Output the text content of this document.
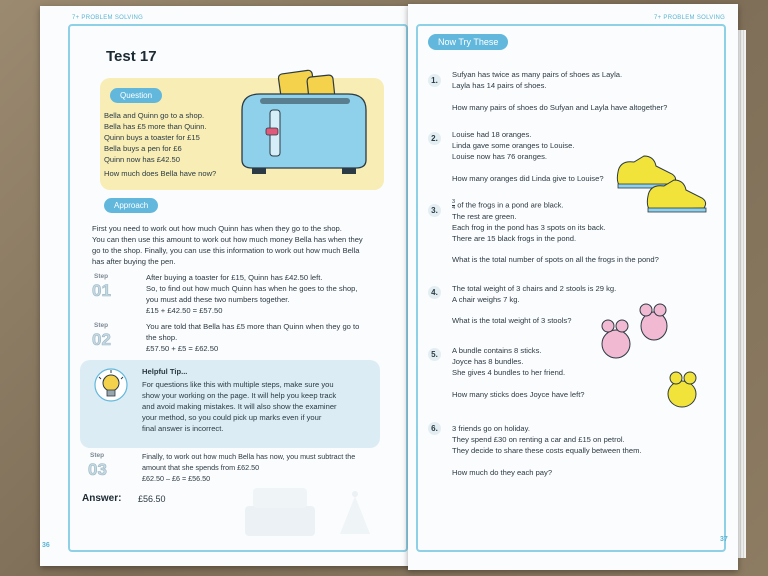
7+ PROBLEM SOLVING
Test 17
Question
Bella and Quinn go to a shop.
Bella has £5 more than Quinn.
Quinn buys a toaster for £15
Bella buys a pen for £6
Quinn now has £42.50
How much does Bella have now?
Approach
First you need to work out how much Quinn has when they go to the shop.
You can then use this amount to work out how much money Bella has when they
go to the shop. Finally, you can use this information to work out how much Bella
has after buying the pen.
Step
01
After buying a toaster for £15, Quinn has £42.50 left.
So, to find out how much Quinn has when he goes to the shop,
you must add these two numbers together.
£15 + £42.50 = £57.50
Step
02
You are told that Bella has £5 more than Quinn when they go to
the shop.
£57.50 + £5 = £62.50
Helpful Tip...
For questions like this with multiple steps, make sure you
show your working on the page. It will help you keep track
and avoid making mistakes. It will also show the examiner
your method, so you could pick up marks even if your
final answer is incorrect.
Step
03
Finally, to work out how much Bella has now, you must subtract the
amount that she spends from £62.50
£62.50 – £6 = £56.50
Answer: £56.50
36
7+ PROBLEM SOLVING
Now Try These
1.
Sufyan has twice as many pairs of shoes as Layla.
Layla has 14 pairs of shoes.
How many pairs of shoes do Sufyan and Layla have altogether?
2.	Louise had 18 oranges.
Linda gave some oranges to Louise.
Louise now has 76 oranges.
How many oranges did Linda give to Louise?
3.	$\frac{3}{4}$ of the frogs in a pond are black.
The rest are green.
Each frog in the pond has 3 spots on its back.
There are 15 black frogs in the pond.
What is the total number of spots on all the frogs in the pond?
4.	The total weight of 3 chairs and 2 stools is 29 kg.
A chair weighs 7 kg.
What is the total weight of 3 stools?
5.	A bundle contains 8 sticks.
Joyce has 8 bundles.
She gives 4 bundles to her friend.
How many sticks does Joyce have left?
6.	3 friends go on holiday.
They spend £30 on renting a car and £15 on petrol.
They decide to share these costs equally between them.
How much do they each pay?
37
